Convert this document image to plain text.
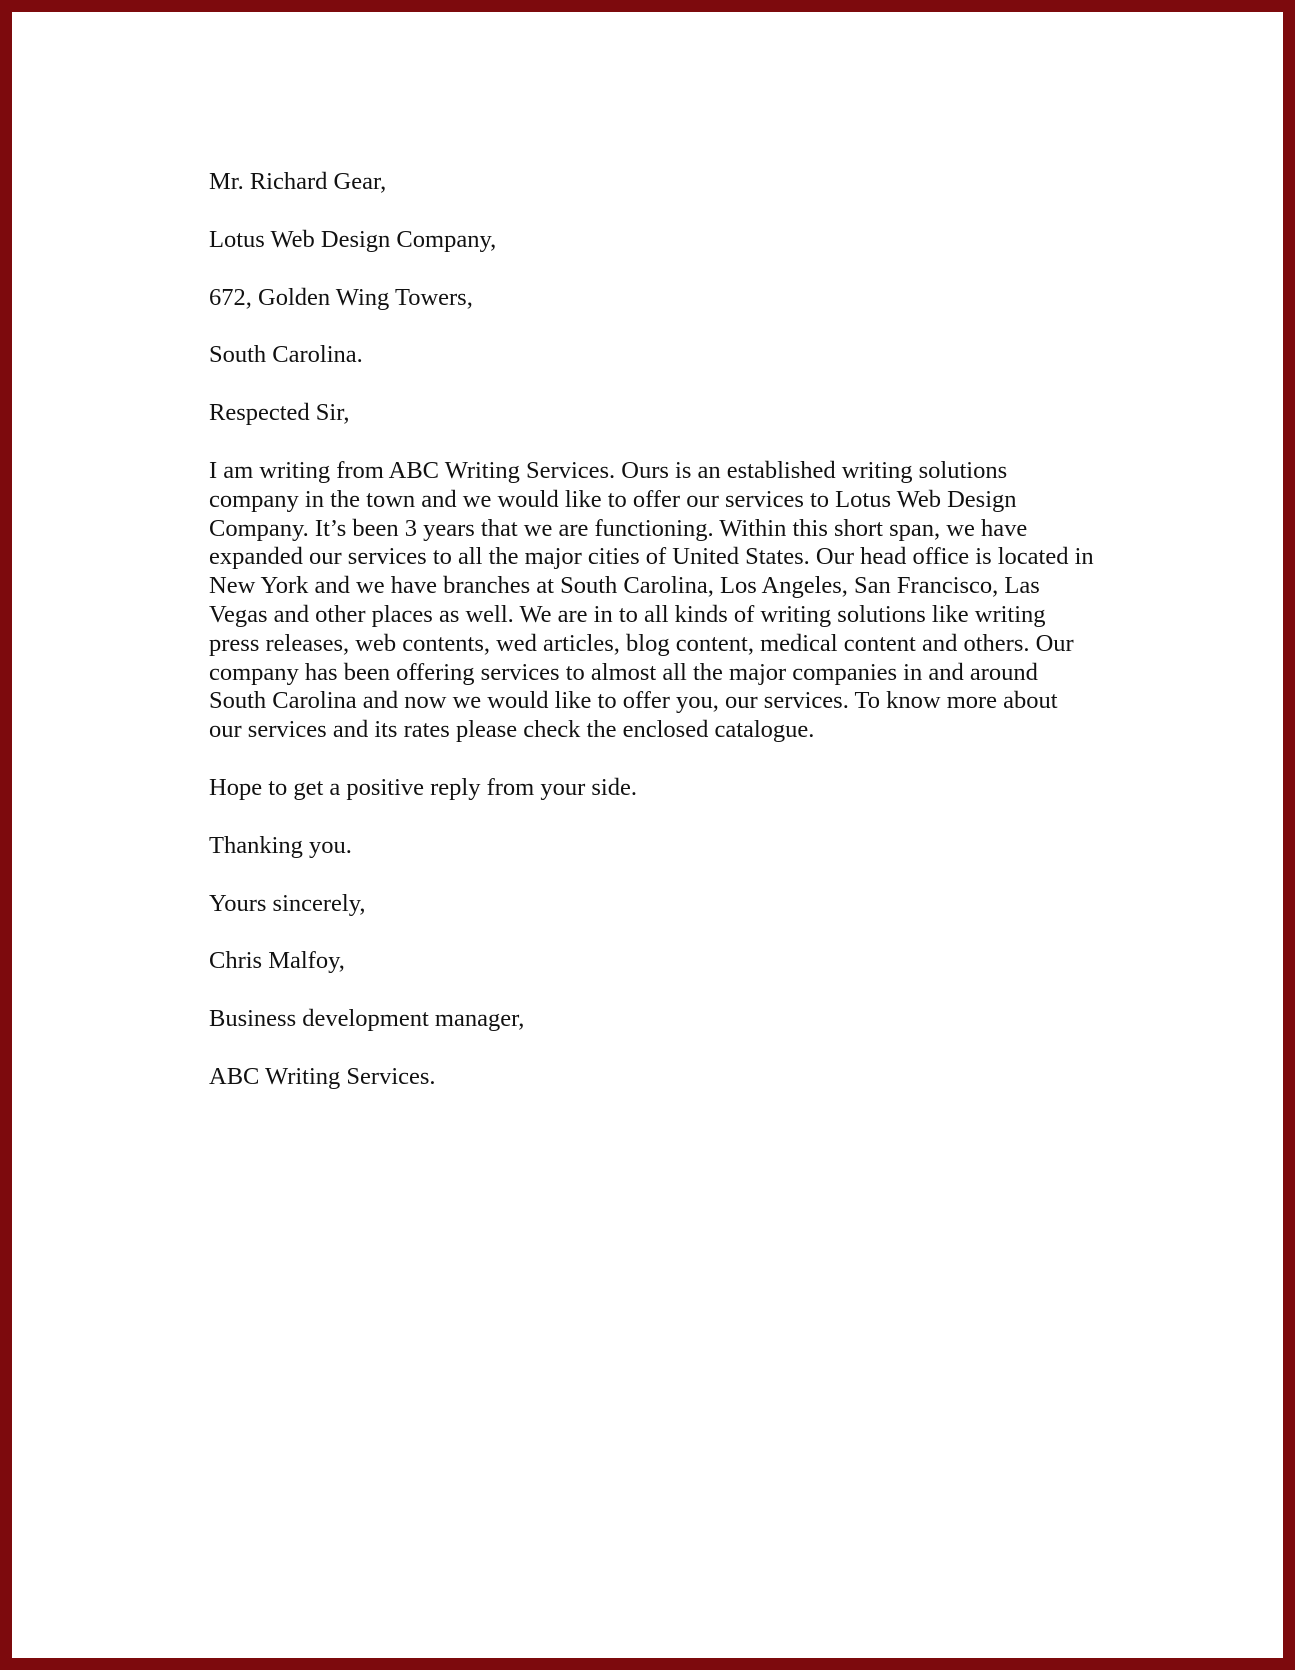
Mr. Richard Gear,

Lotus Web Design Company,

672, Golden Wing Towers,

South Carolina.

Respected Sir,

I am writing from ABC Writing Services. Ours is an established writing solutions company in the town and we would like to offer our services to Lotus Web Design Company. It’s been 3 years that we are functioning. Within this short span, we have expanded our services to all the major cities of United States. Our head office is located in New York and we have branches at South Carolina, Los Angeles, San Francisco, Las Vegas and other places as well. We are in to all kinds of writing solutions like writing press releases, web contents, wed articles, blog content, medical content and others. Our company has been offering services to almost all the major companies in and around South Carolina and now we would like to offer you, our services. To know more about our services and its rates please check the enclosed catalogue.

Hope to get a positive reply from your side.

Thanking you.

Yours sincerely,

Chris Malfoy,

Business development manager,

ABC Writing Services.
